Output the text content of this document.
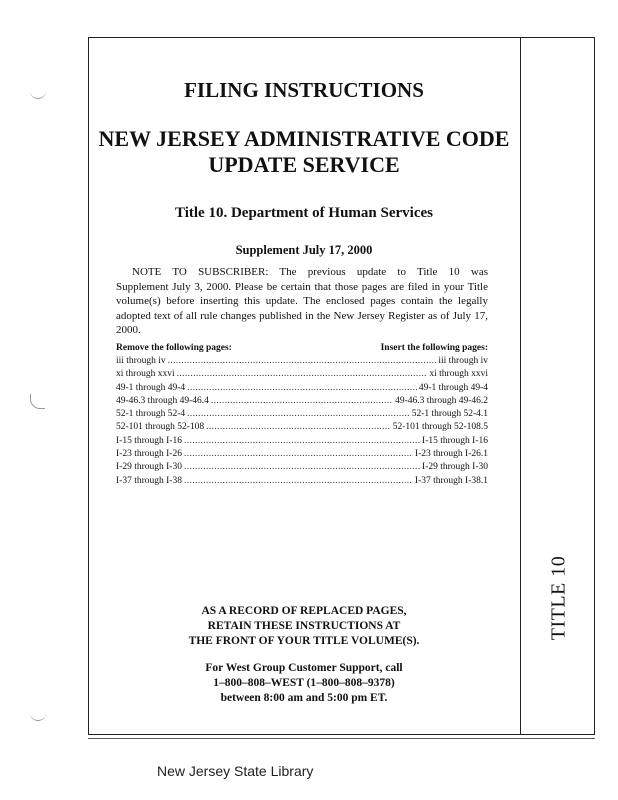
TITLE 10
FILING INSTRUCTIONS
NEW JERSEY ADMINISTRATIVE CODE
UPDATE SERVICE
Title 10. Department of Human Services
Supplement July 17, 2000
NOTE TO SUBSCRIBER: The previous update to Title 10 was
Supplement July 3, 2000. Please be certain that those pages are filed in your Title volume(s) before inserting this update. The enclosed pages contain the legally adopted text of all rule changes published in the New Jersey Register as of July 17, 2000.
Remove the following pages:	Insert the following pages:
iii through iv . . .	iii through iv
xi through xxvi . . .	xi through xxvi
49-1 through 49-4 . . .	49-1 through 49-4
49-46.3 through 49-46.4 . . .	49-46.3 through 49-46.2
52-1 through 52-4 . . .	52-1 through 52-4.1
52-101 through 52-108 . . .	52-101 through 52-108.5
I-15 through I-16 . . .	I-15 through I-16
I-23 through I-26 . . .	I-23 through I-26.1
I-29 through I-30 . . .	I-29 through I-30
I-37 through I-38 . . .	I-37 through I-38.1
AS A RECORD OF REPLACED PAGES,
RETAIN THESE INSTRUCTIONS AT
THE FRONT OF YOUR TITLE VOLUME(S).
For West Group Customer Support, call
1–800–808–WEST (1–800–808–9378)
between 8:00 am and 5:00 pm ET.
New Jersey State Library
